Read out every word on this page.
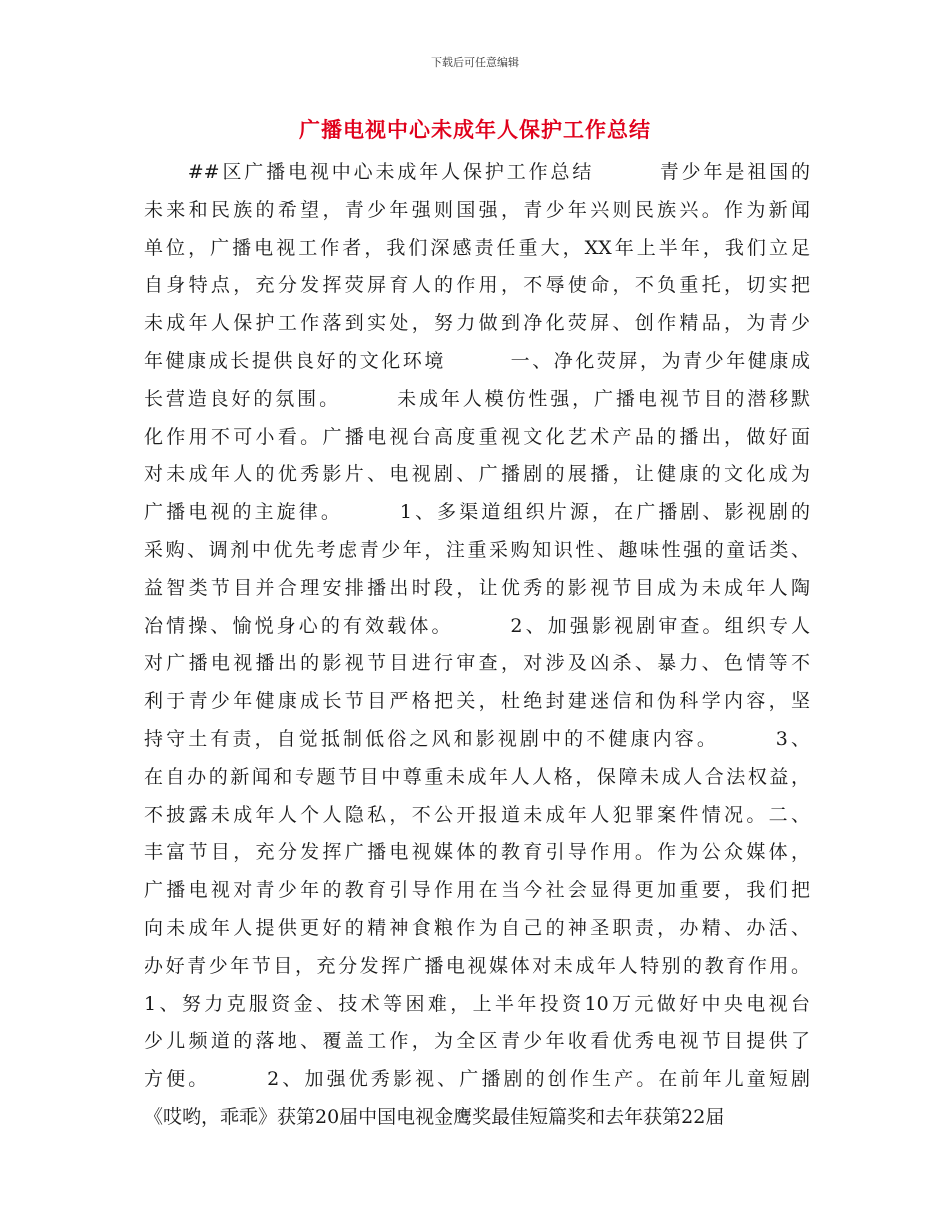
下载后可任意编辑
广播电视中心未成年人保护工作总结
　　##区广播电视中心未成年人保护工作总结　　　青少年是祖国的
未来和民族的希望，青少年强则国强，青少年兴则民族兴。作为新闻
单位，广播电视工作者，我们深感责任重大，XX年上半年，我们立足
自身特点，充分发挥荧屏育人的作用，不辱使命，不负重托，切实把
未成年人保护工作落到实处，努力做到净化荧屏、创作精品，为青少
年健康成长提供良好的文化环境　　　一、净化荧屏，为青少年健康成
长营造良好的氛围。　　　未成年人模仿性强，广播电视节目的潜移默
化作用不可小看。广播电视台高度重视文化艺术产品的播出，做好面
对未成年人的优秀影片、电视剧、广播剧的展播，让健康的文化成为
广播电视的主旋律。　　　1、多渠道组织片源，在广播剧、影视剧的
采购、调剂中优先考虑青少年，注重采购知识性、趣味性强的童话类、
益智类节目并合理安排播出时段，让优秀的影视节目成为未成年人陶
冶情操、愉悦身心的有效载体。　　　2、加强影视剧审查。组织专人
对广播电视播出的影视节目进行审查，对涉及凶杀、暴力、色情等不
利于青少年健康成长节目严格把关，杜绝封建迷信和伪科学内容，坚
持守土有责，自觉抵制低俗之风和影视剧中的不健康内容。　　　3、
在自办的新闻和专题节目中尊重未成年人人格，保障未成人合法权益，
不披露未成年人个人隐私，不公开报道未成年人犯罪案件情况。二、
丰富节目，充分发挥广播电视媒体的教育引导作用。作为公众媒体，
广播电视对青少年的教育引导作用在当今社会显得更加重要，我们把
向未成年人提供更好的精神食粮作为自己的神圣职责，办精、办活、
办好青少年节目，充分发挥广播电视媒体对未成年人特别的教育作用。
1、努力克服资金、技术等困难，上半年投资10万元做好中央电视台
少儿频道的落地、覆盖工作，为全区青少年收看优秀电视节目提供了
方便。　　　2、加强优秀影视、广播剧的创作生产。在前年儿童短剧
《哎哟，乖乖》获第20届中国电视金鹰奖最佳短篇奖和去年获第22届
